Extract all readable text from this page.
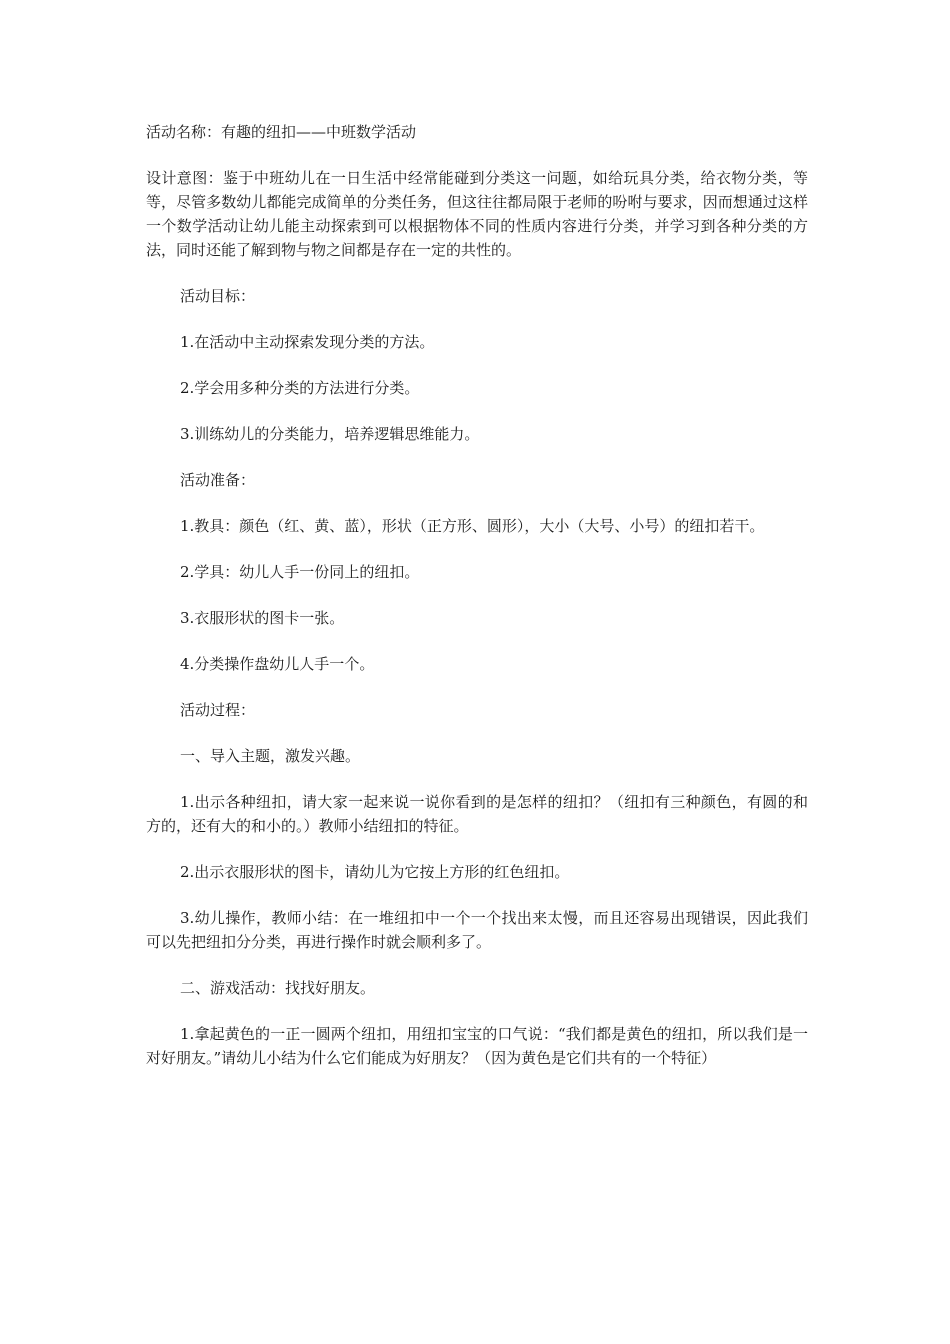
活动名称：有趣的纽扣——中班数学活动

设计意图：鉴于中班幼儿在一日生活中经常能碰到分类这一问题，如给玩具分类，给衣物分类，等等，尽管多数幼儿都能完成简单的分类任务，但这往往都局限于老师的吩咐与要求，因而想通过这样一个数学活动让幼儿能主动探索到可以根据物体不同的性质内容进行分类，并学习到各种分类的方法，同时还能了解到物与物之间都是存在一定的共性的。

活动目标：

1.在活动中主动探索发现分类的方法。

2.学会用多种分类的方法进行分类。

3.训练幼儿的分类能力，培养逻辑思维能力。

活动准备：

1.教具：颜色（红、黄、蓝），形状（正方形、圆形），大小（大号、小号）的纽扣若干。

2.学具：幼儿人手一份同上的纽扣。

3.衣服形状的图卡一张。

4.分类操作盘幼儿人手一个。

活动过程：

一、导入主题，激发兴趣。

1.出示各种纽扣，请大家一起来说一说你看到的是怎样的纽扣？（纽扣有三种颜色，有圆的和方的，还有大的和小的。）教师小结纽扣的特征。

2.出示衣服形状的图卡，请幼儿为它按上方形的红色纽扣。

3.幼儿操作，教师小结：在一堆纽扣中一个一个找出来太慢，而且还容易出现错误，因此我们可以先把纽扣分分类，再进行操作时就会顺利多了。

二、游戏活动：找找好朋友。

1.拿起黄色的一正一圆两个纽扣，用纽扣宝宝的口气说：“我们都是黄色的纽扣，所以我们是一对好朋友。”请幼儿小结为什么它们能成为好朋友？（因为黄色是它们共有的一个特征）
